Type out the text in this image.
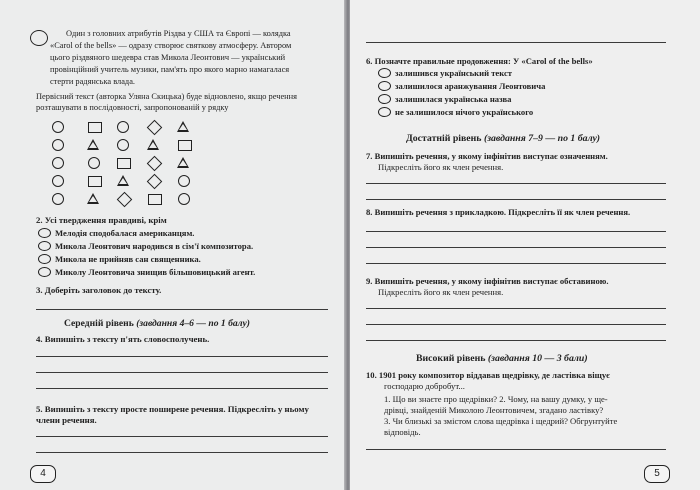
Один з головних атрибутів Різдва у США та Європі — колядка
«Carol of the bells» — одразу створює святкову атмосферу. Автором
цього різдвяного шедевра став Микола Леонтович — український
провінційний учитель музики, пам'ять про якого марно намагалася
стерти радянська влада.
Первісний текст (авторка Уляна Скицька) буде відновлено, якщо речення
розташувати в послідовності, запропонованій у рядку
2. Усі твердження правдиві, крім
Мелодія сподобалася американцям.
Микола Леонтович народився в сім'ї композитора.
Микола не прийняв сан священника.
Миколу Леонтовича знищив більшовицький агент.
3. Доберіть заголовок до тексту.
Середній рівень (завдання 4–6 — по 1 балу)
4. Випишіть з тексту п'ять словосполучень.
5. Випишіть з тексту просте поширене речення. Підкресліть у ньому
члени речення.
4
6. Позначте правильне продовження: У «Carol of the bells»
залишився український текст
залишилося аранжування Леонтовича
залишилася українська назва
не залишилося нічого українського
Достатній рівень (завдання 7–9 — по 1 балу)
7. Випишіть речення, у якому інфінітив виступає означенням.
Підкресліть його як член речення.
8. Випишіть речення з прикладкою. Підкресліть її як член речення.
9. Випишіть речення, у якому інфінітив виступає обставиною.
Підкресліть його як член речення.
Високий рівень (завдання 10 — 3 бали)
10. 1901 року композитор віддавав щедрівку, де ластівка віщує
господарю добробут...
1. Що ви знаєте про щедрівки? 2. Чому, на вашу думку, у ще-
дрівці, знайденій Миколою Леонтовичем, згадано ластівку?
3. Чи близькі за змістом слова щедрівка і щедрий? Обгрунтуйте
відповідь.
5
